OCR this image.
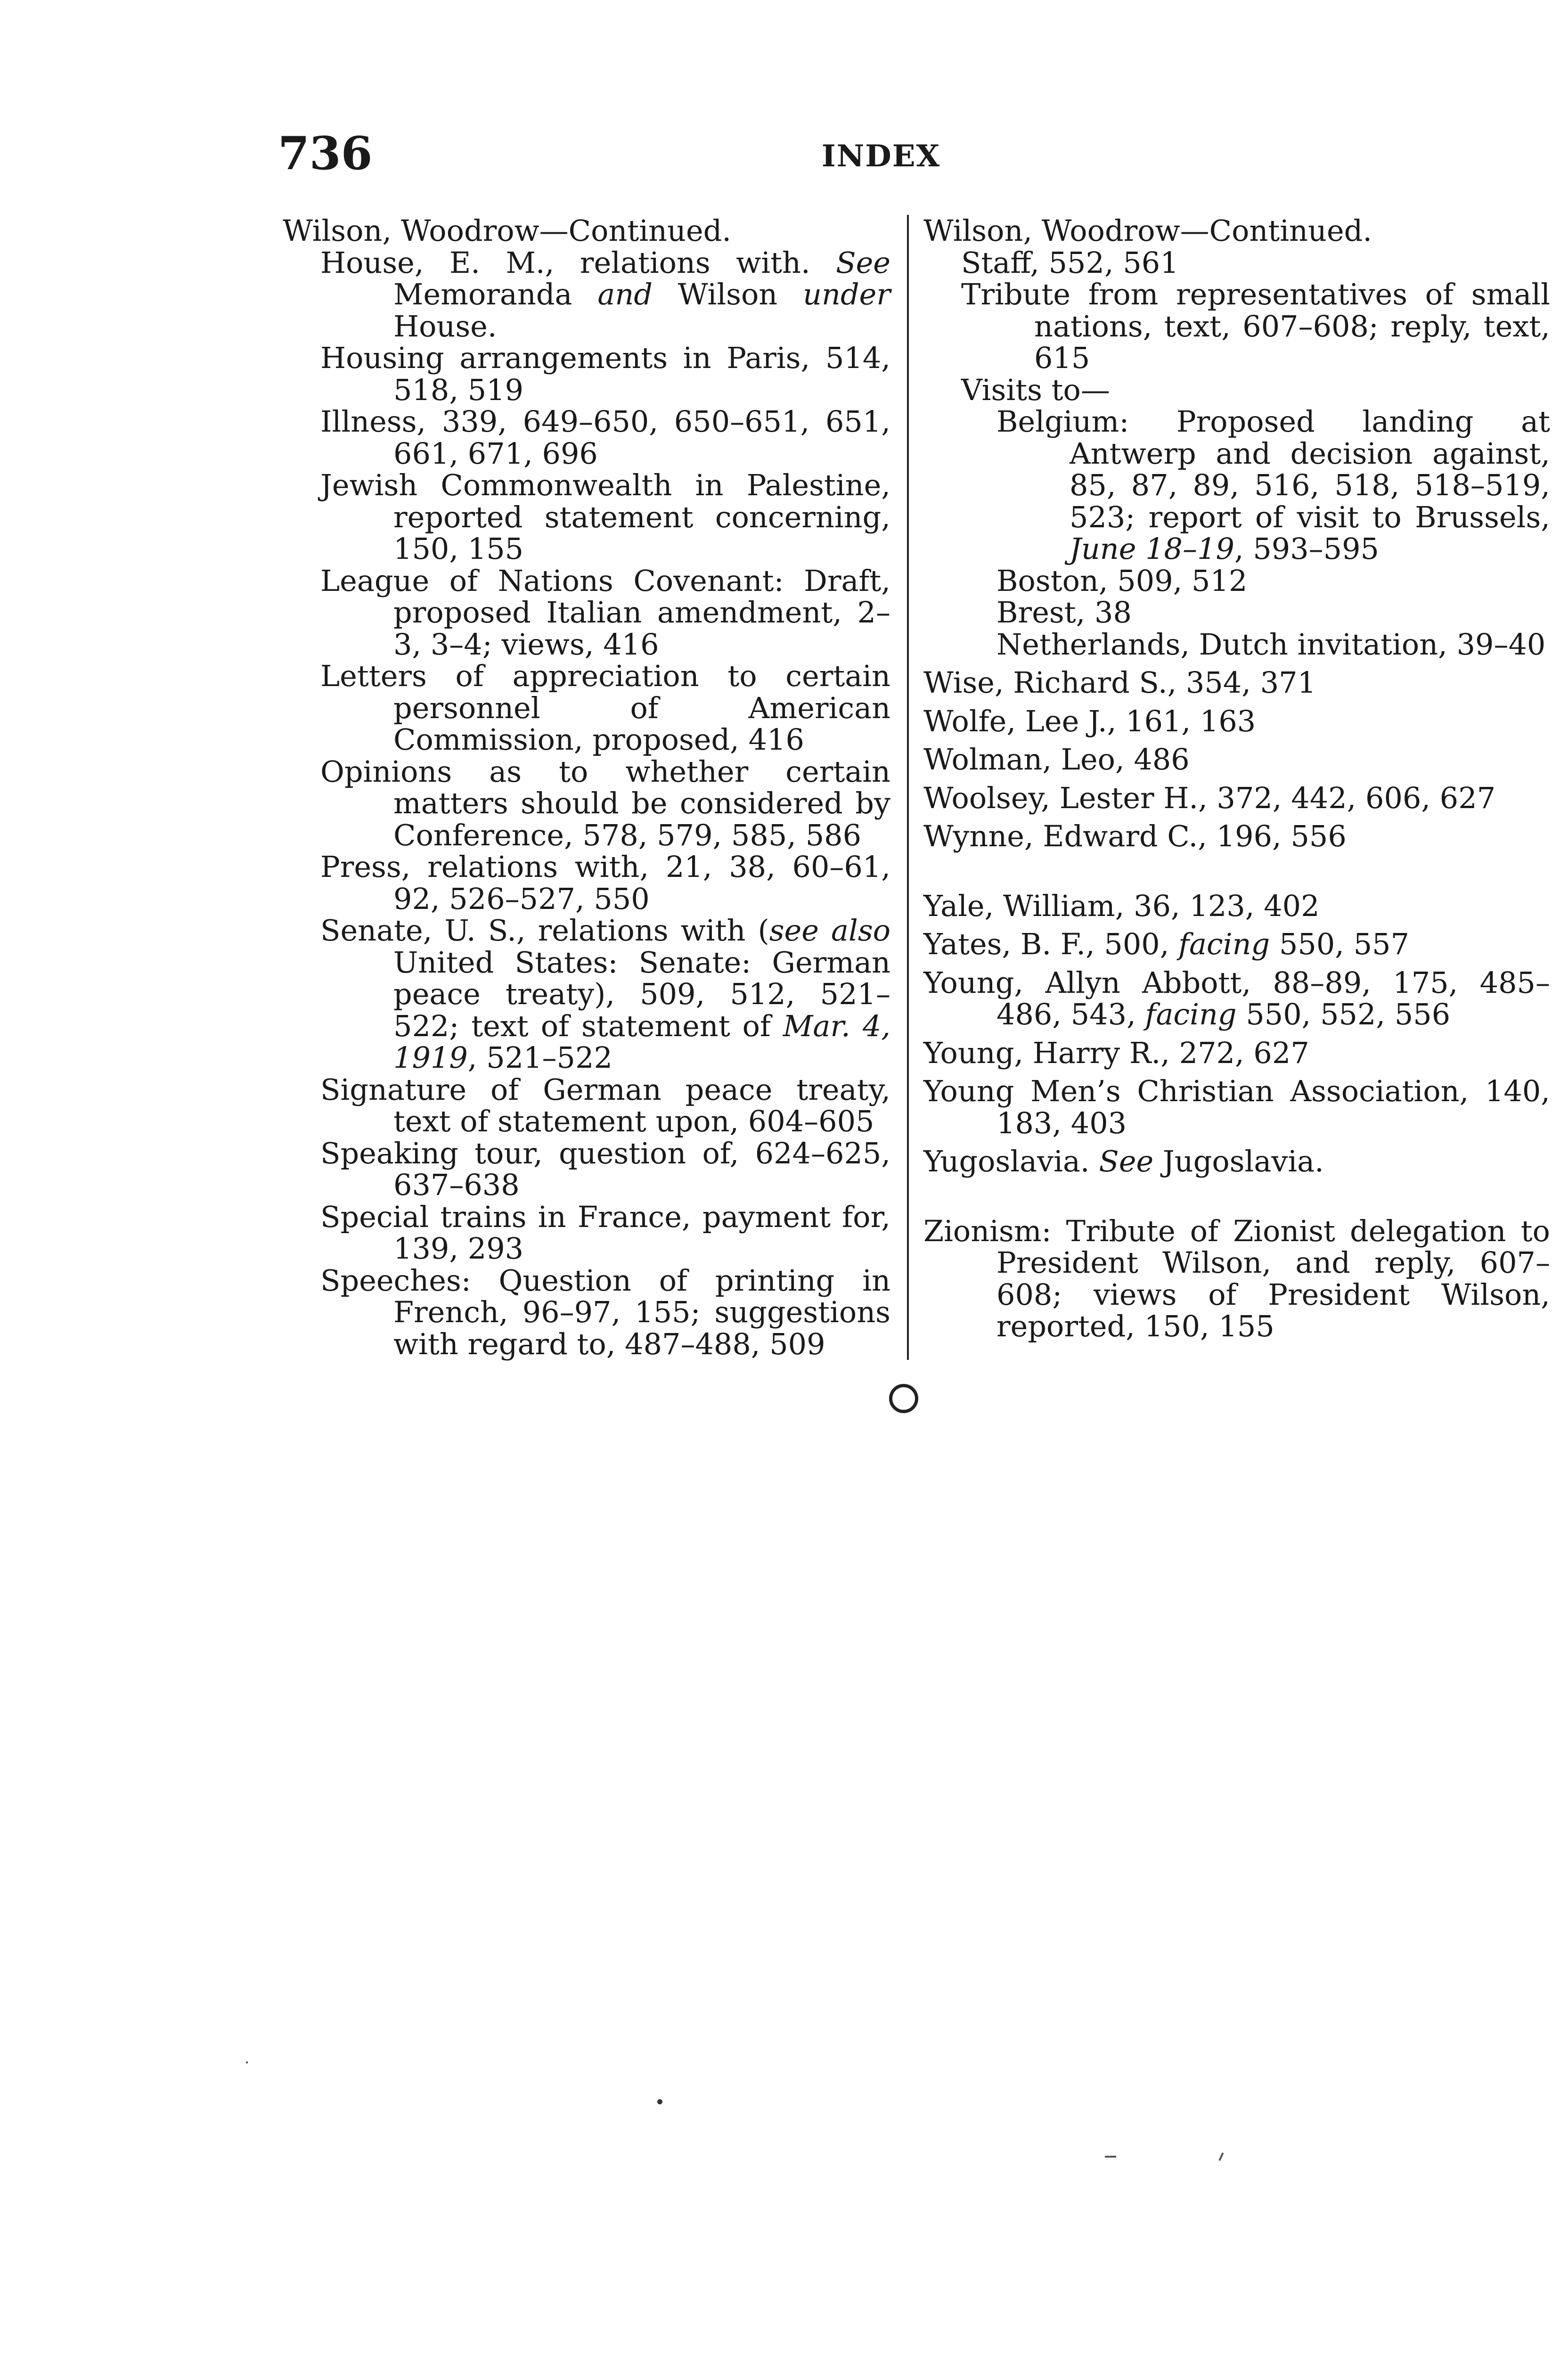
736	INDEX

Wilson, Woodrow—Continued.

House, E. M., relations with. See Memoranda and Wilson under House.

Housing arrangements in Paris, 514, 518, 519

Illness, 339, 649–650, 650–651, 651, 661, 671, 696

Jewish Commonwealth in Palestine, reported statement concerning, 150, 155

League of Nations Covenant: Draft, proposed Italian amendment, 2–3, 3–4; views, 416

Letters of appreciation to certain personnel of American Commission, proposed, 416

Opinions as to whether certain matters should be considered by Conference, 578, 579, 585, 586

Press, relations with, 21, 38, 60–61, 92, 526–527, 550

Senate, U. S., relations with (see also United States: Senate: German peace treaty), 509, 512, 521–522; text of statement of Mar. 4, 1919, 521–522

Signature of German peace treaty, text of statement upon, 604–605

Speaking tour, question of, 624–625, 637–638

Special trains in France, payment for, 139, 293

Speeches: Question of printing in French, 96–97, 155; suggestions with regard to, 487–488, 509

Wilson, Woodrow—Continued.

Staff, 552, 561

Tribute from representatives of small nations, text, 607–608; reply, text, 615

Visits to—

Belgium: Proposed landing at Antwerp and decision against, 85, 87, 89, 516, 518, 518–519, 523; report of visit to Brussels, June 18–19, 593–595

Boston, 509, 512

Brest, 38

Netherlands, Dutch invitation, 39–40

Wise, Richard S., 354, 371

Wolfe, Lee J., 161, 163

Wolman, Leo, 486

Woolsey, Lester H., 372, 442, 606, 627

Wynne, Edward C., 196, 556

Yale, William, 36, 123, 402

Yates, B. F., 500, facing 550, 557

Young, Allyn Abbott, 88–89, 175, 485–486, 543, facing 550, 552, 556

Young, Harry R., 272, 627

Young Men’s Christian Association, 140, 183, 403

Yugoslavia. See Jugoslavia.

Zionism: Tribute of Zionist delegation to President Wilson, and reply, 607–608; views of President Wilson, reported, 150, 155
